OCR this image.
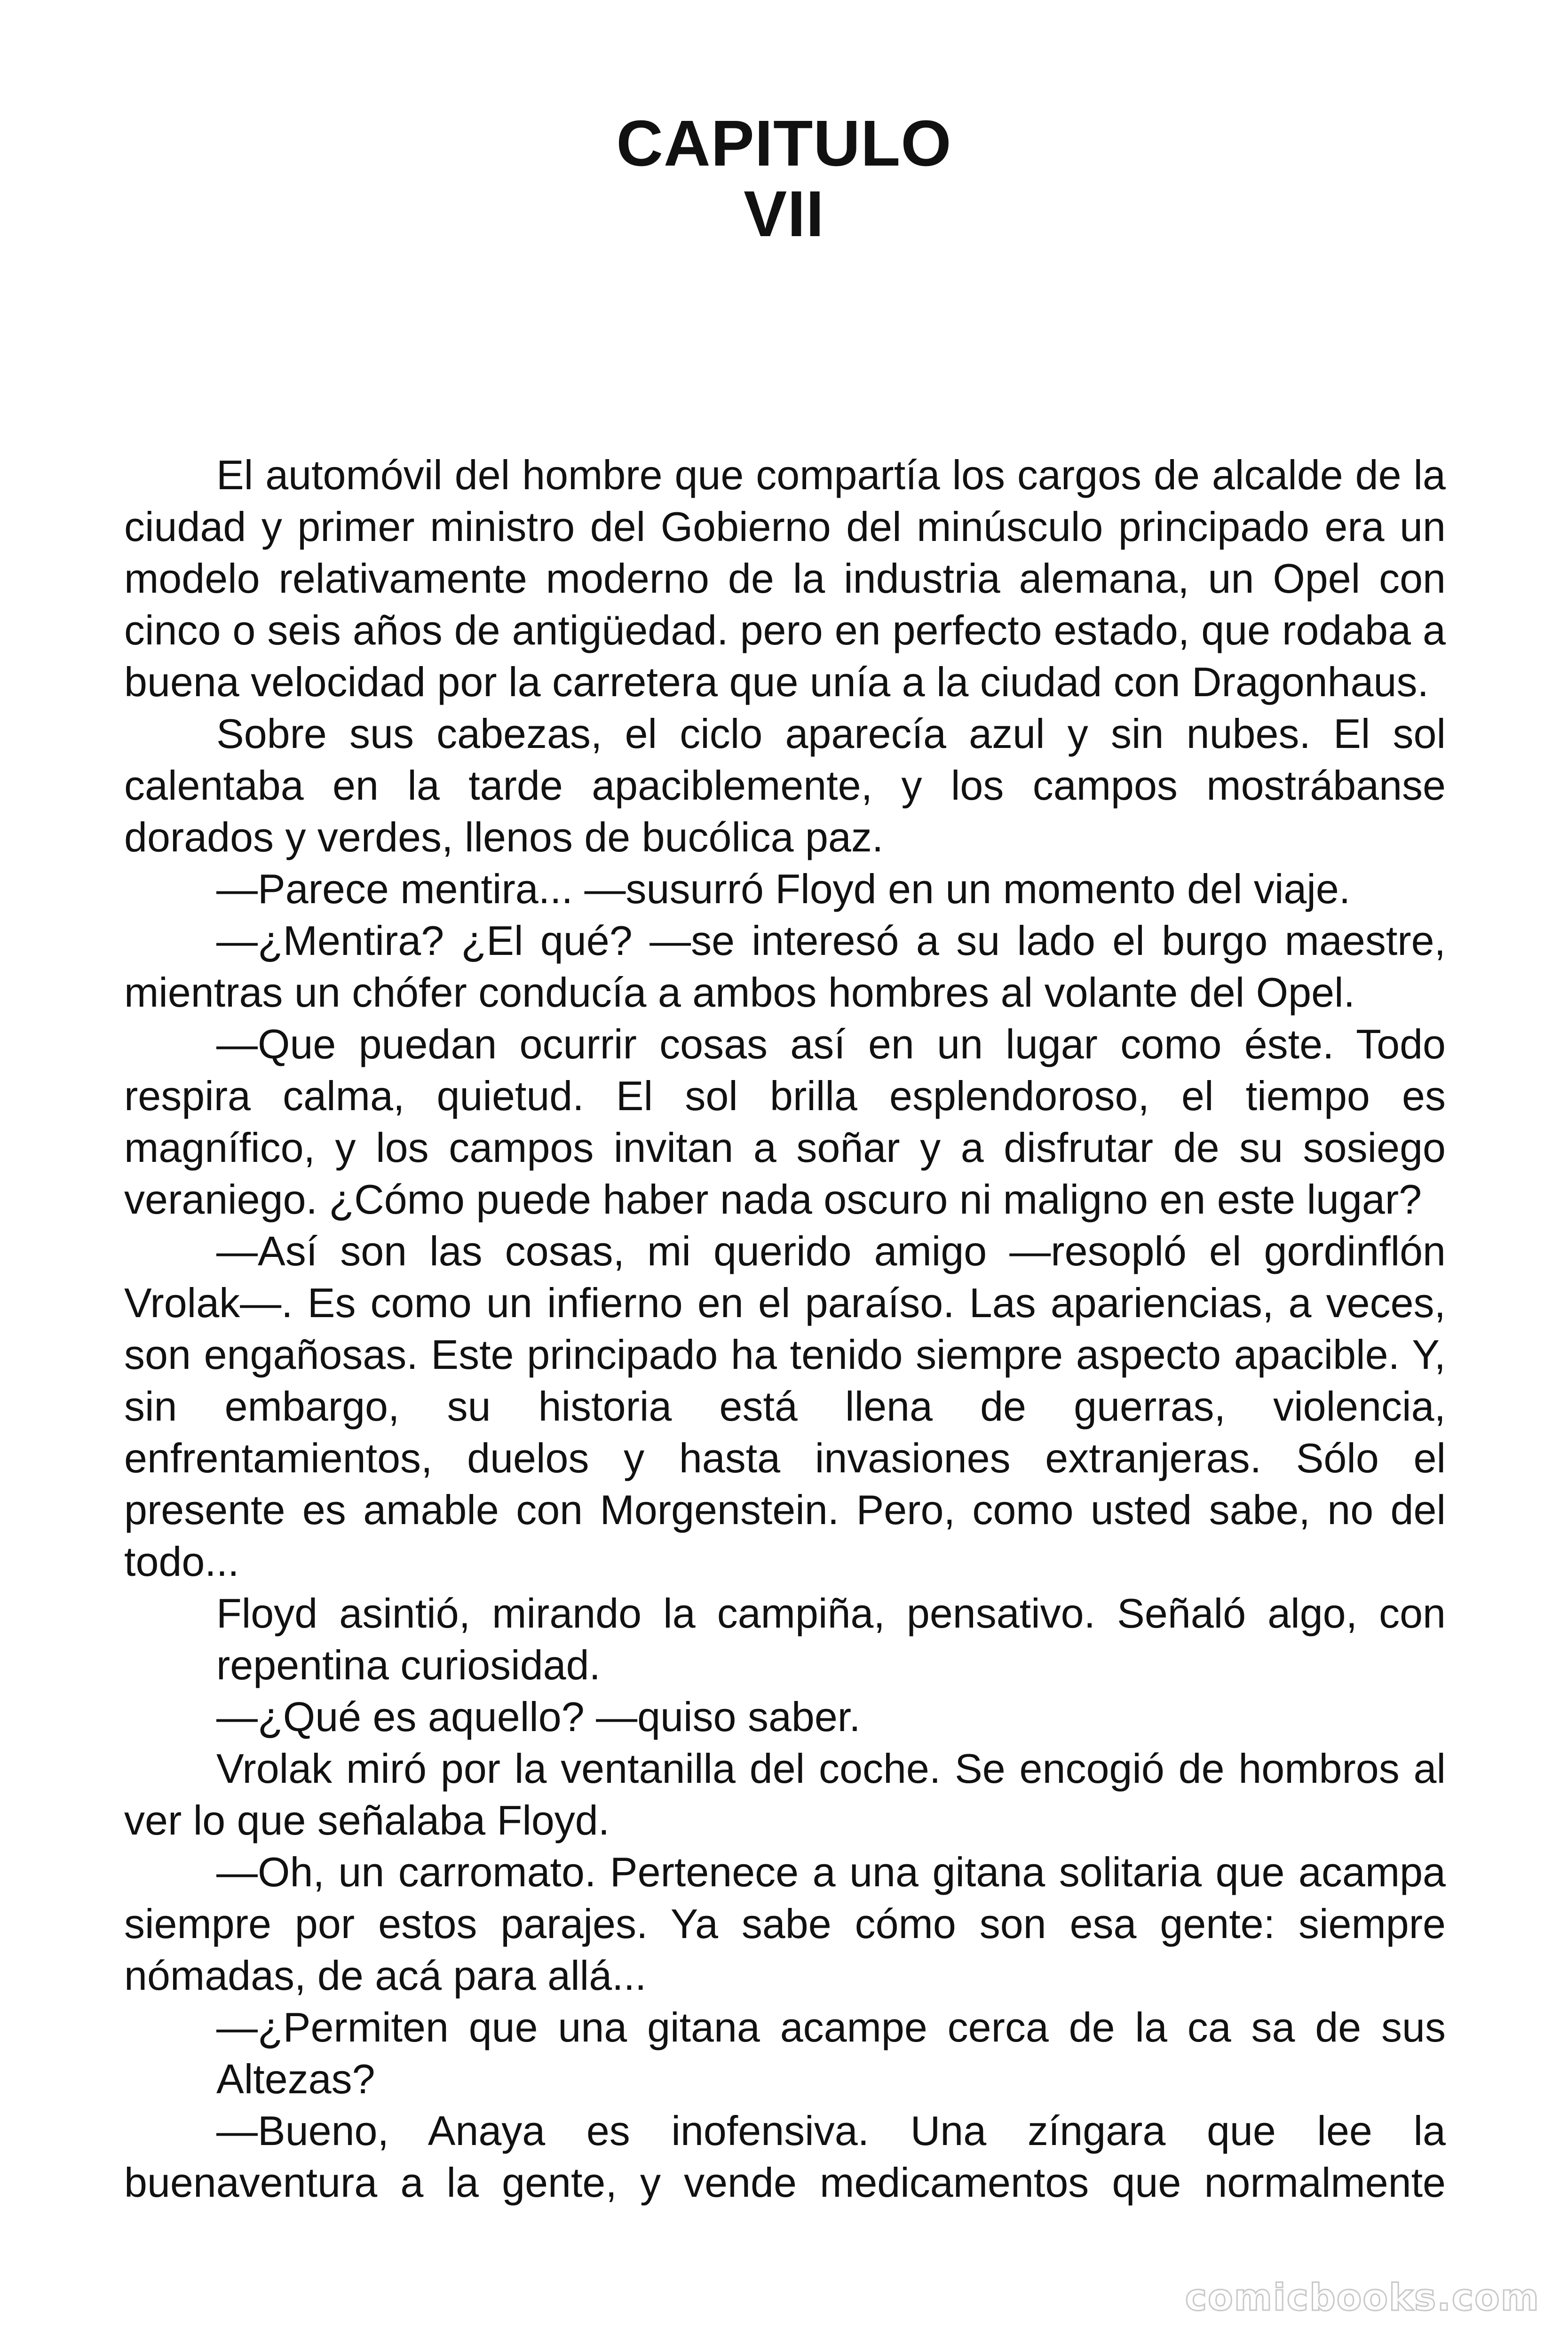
CAPITULO
VII

El automóvil del hombre que compartía los cargos de alcalde de la ciudad y primer ministro del Gobierno del minúsculo principado era un modelo relativamente moderno de la industria alemana, un Opel con cinco o seis años de antigüedad. pero en perfecto estado, que rodaba a buena velocidad por la carretera que unía a la ciudad con Dragonhaus.

Sobre sus cabezas, el ciclo aparecía azul y sin nubes. El sol calentaba en la tarde apaciblemente, y los campos mostrábanse dorados y verdes, llenos de bucólica paz.

—Parece mentira... —susurró Floyd en un momento del viaje.

—¿Mentira? ¿El qué? —se interesó a su lado el burgo maestre, mientras un chófer conducía a ambos hombres al volante del Opel.

—Que puedan ocurrir cosas así en un lugar como éste. Todo respira calma, quietud. El sol brilla esplendoroso, el tiempo es magnífico, y los campos invitan a soñar y a disfrutar de su sosiego veraniego. ¿Cómo puede haber nada oscuro ni maligno en este lugar?

—Así son las cosas, mi querido amigo —resopló el gordinflón Vrolak—. Es como un infierno en el paraíso. Las apariencias, a veces, son engañosas. Este principado ha tenido siempre aspecto apacible. Y, sin embargo, su historia está llena de guerras, violencia, enfrentamientos, duelos y hasta invasiones extranjeras. Sólo el presente es amable con Morgenstein. Pero, como usted sabe, no del todo...

Floyd asintió, mirando la campiña, pensativo. Señaló algo, con repentina curiosidad.

—¿Qué es aquello? —quiso saber.

Vrolak miró por la ventanilla del coche. Se encogió de hombros al ver lo que señalaba Floyd.

—Oh, un carromato. Pertenece a una gitana solitaria que acampa siempre por estos parajes. Ya sabe cómo son esa gente: siempre nómadas, de acá para allá...

—¿Permiten que una gitana acampe cerca de la ca sa de sus Altezas?

—Bueno, Anaya es inofensiva. Una zíngara que lee la buenaventura a la gente, y vende medicamentos que normalmente

comicbooks.com
